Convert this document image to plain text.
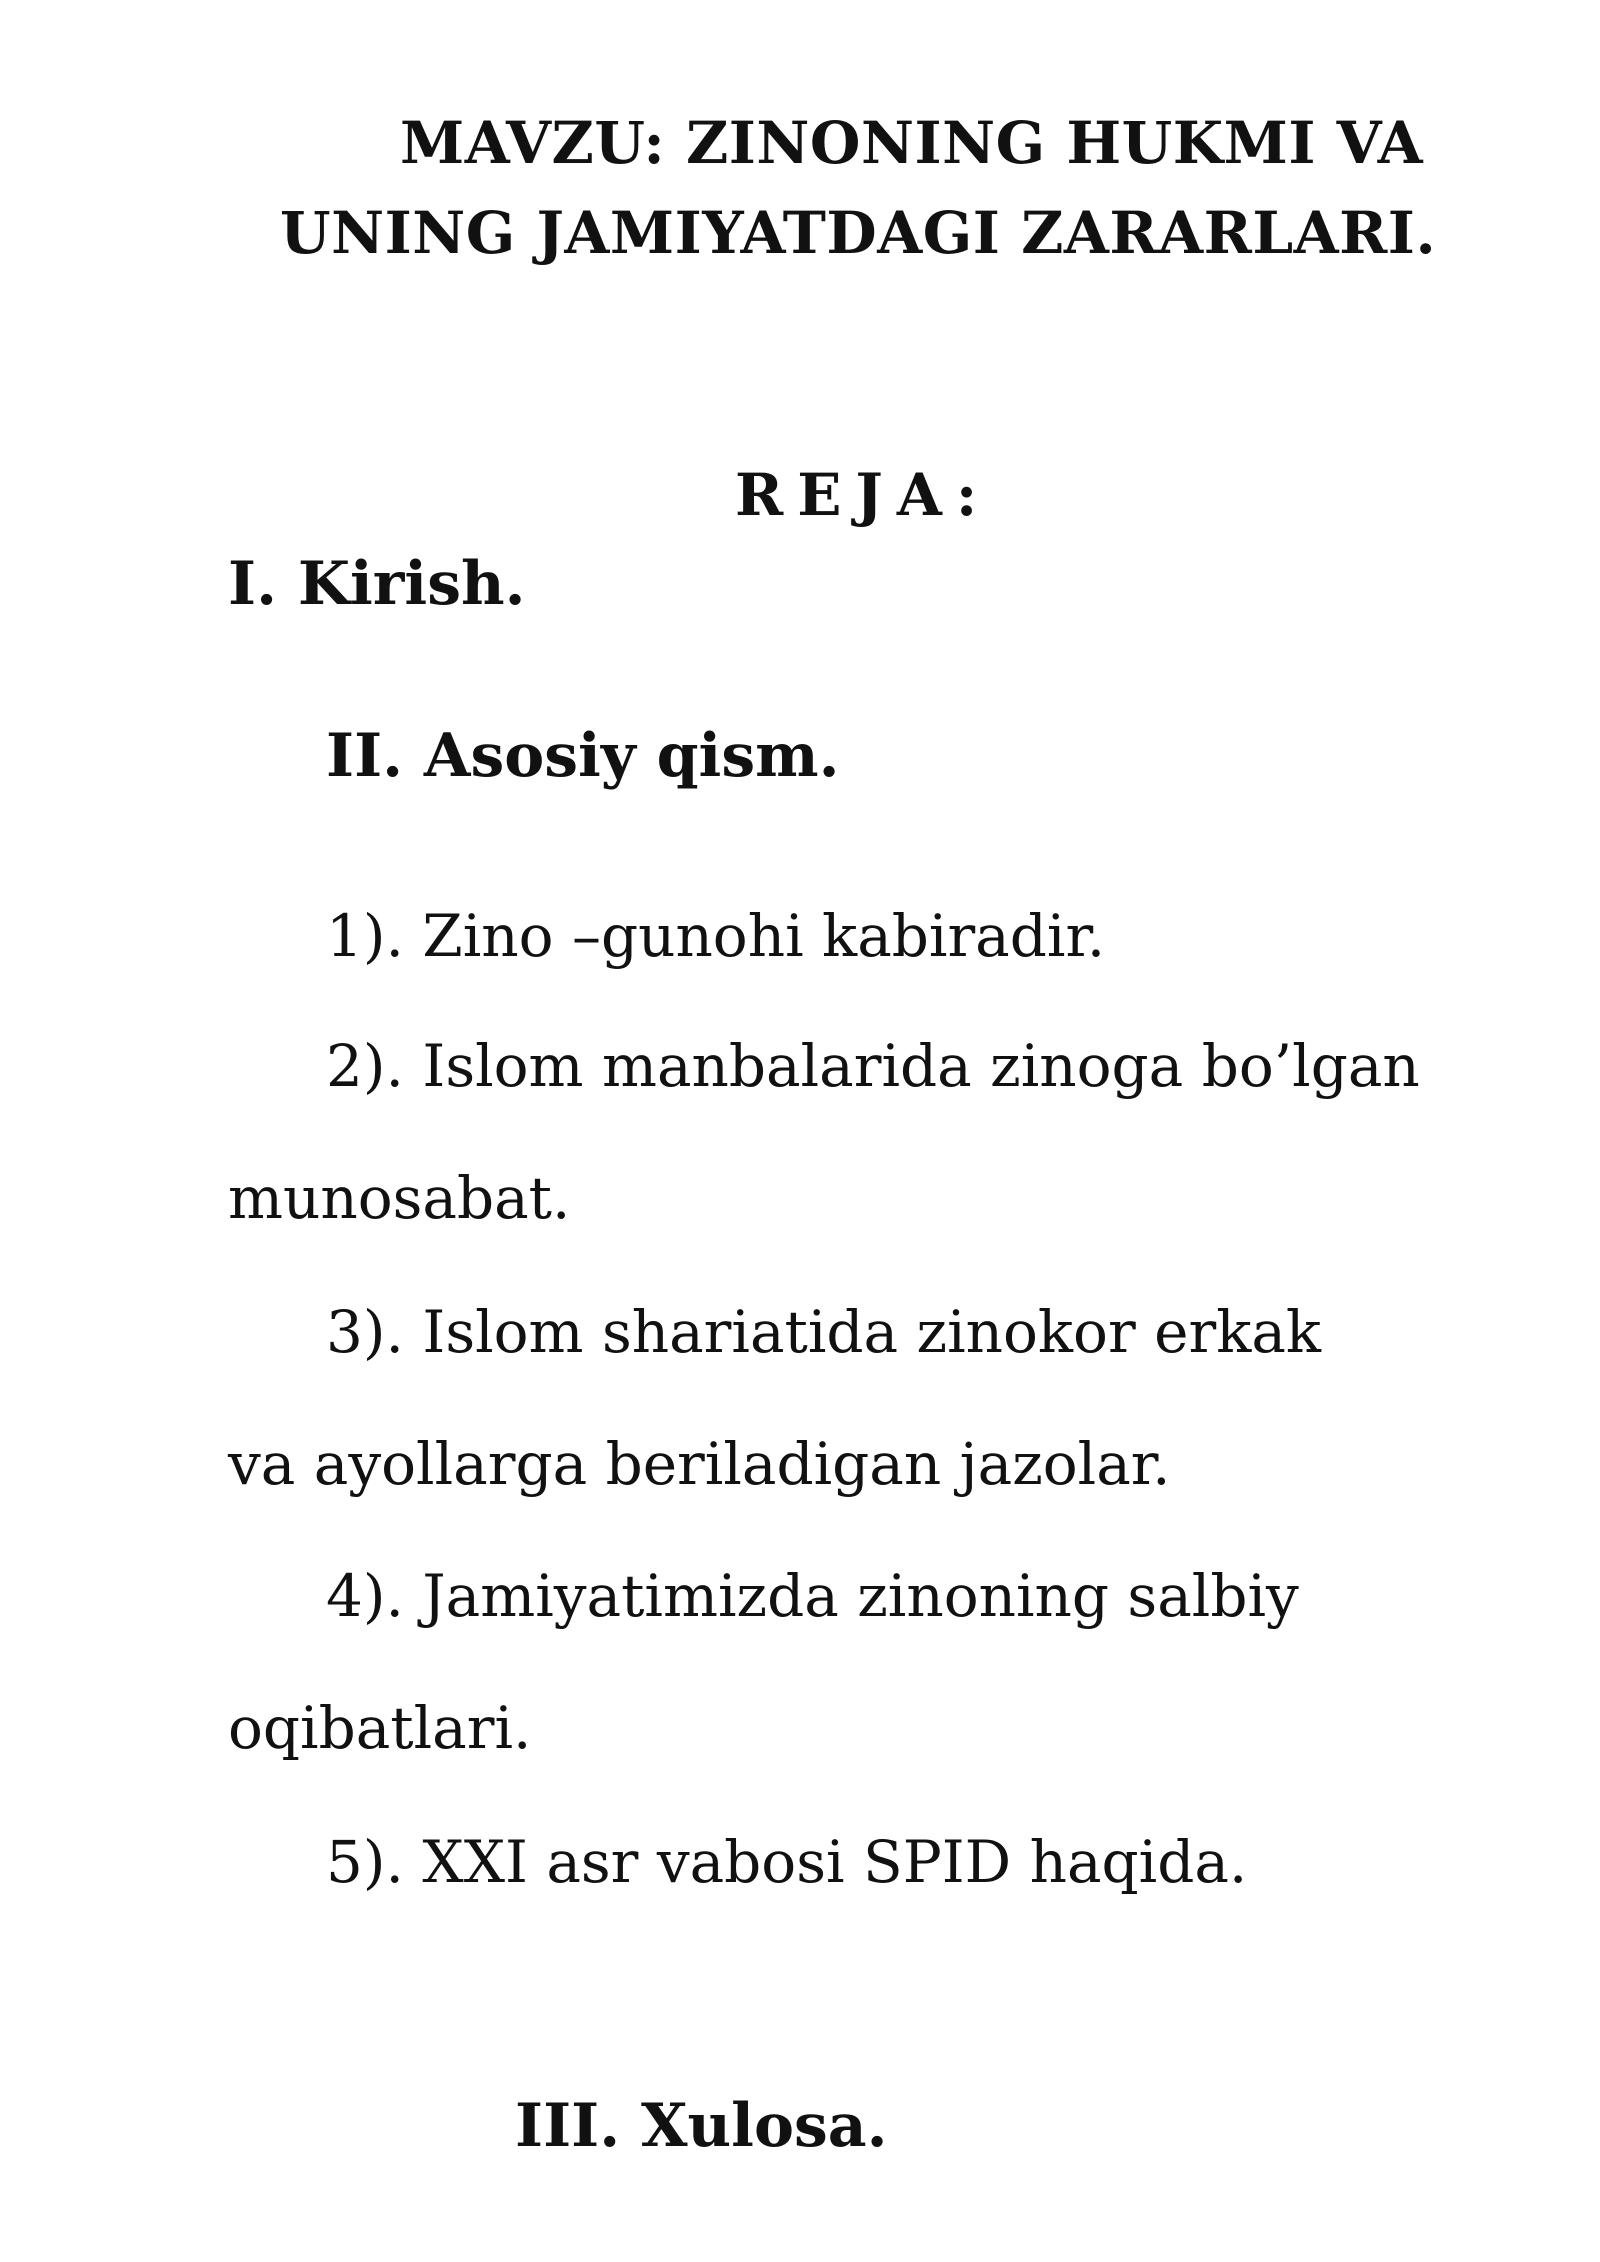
MAVZU: ZINONING HUKMI VA
UNING JAMIYATDAGI ZARARLARI.
REJA:
I. Kirish.
II. Asosiy qism.
1). Zino –gunohi kabiradir.
2). Islom manbalarida zinoga bo’lgan
munosabat.
3). Islom shariatida zinokor erkak
va ayollarga beriladigan jazolar.
4). Jamiyatimizda zinoning salbiy
oqibatlari.
5). XXI asr vabosi SPID haqida.
III. Xulosa.
